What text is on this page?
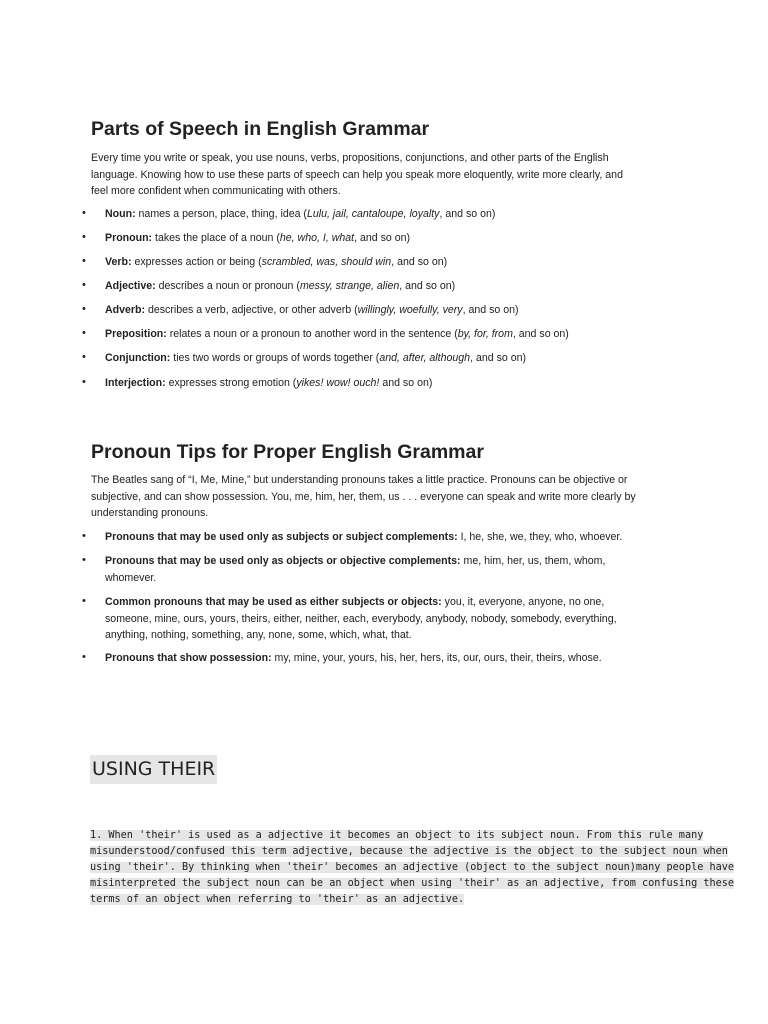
Parts of Speech in English Grammar
Every time you write or speak, you use nouns, verbs, propositions, conjunctions, and other parts of the English
language. Knowing how to use these parts of speech can help you speak more eloquently, write more clearly, and
feel more confident when communicating with others.
• Noun: names a person, place, thing, idea (Lulu, jail, cantaloupe, loyalty, and so on)
• Pronoun: takes the place of a noun (he, who, I, what, and so on)
• Verb: expresses action or being (scrambled, was, should win, and so on)
• Adjective: describes a noun or pronoun (messy, strange, alien, and so on)
• Adverb: describes a verb, adjective, or other adverb (willingly, woefully, very, and so on)
• Preposition: relates a noun or a pronoun to another word in the sentence (by, for, from, and so on)
• Conjunction: ties two words or groups of words together (and, after, although, and so on)
• Interjection: expresses strong emotion (yikes! wow! ouch! and so on)
Pronoun Tips for Proper English Grammar
The Beatles sang of “I, Me, Mine,” but understanding pronouns takes a little practice. Pronouns can be objective or
subjective, and can show possession. You, me, him, her, them, us . . . everyone can speak and write more clearly by
understanding pronouns.
• Pronouns that may be used only as subjects or subject complements: I, he, she, we, they, who, whoever.
• Pronouns that may be used only as objects or objective complements: me, him, her, us, them, whom,
whomever.
• Common pronouns that may be used as either subjects or objects: you, it, everyone, anyone, no one,
someone, mine, ours, yours, theirs, either, neither, each, everybody, anybody, nobody, somebody, everything,
anything, nothing, something, any, none, some, which, what, that.
• Pronouns that show possession: my, mine, your, yours, his, her, hers, its, our, ours, their, theirs, whose.
USING THEIR
1. When 'their' is used as a adjective it becomes an object to its subject noun. From this rule many
misunderstood/confused this term adjective, because the adjective is the object to the subject noun when
using 'their'. By thinking when 'their' becomes an adjective (object to the subject noun)many people have
misinterpreted the subject noun can be an object when using 'their' as an adjective, from confusing these
terms of an object when referring to 'their' as an adjective.
